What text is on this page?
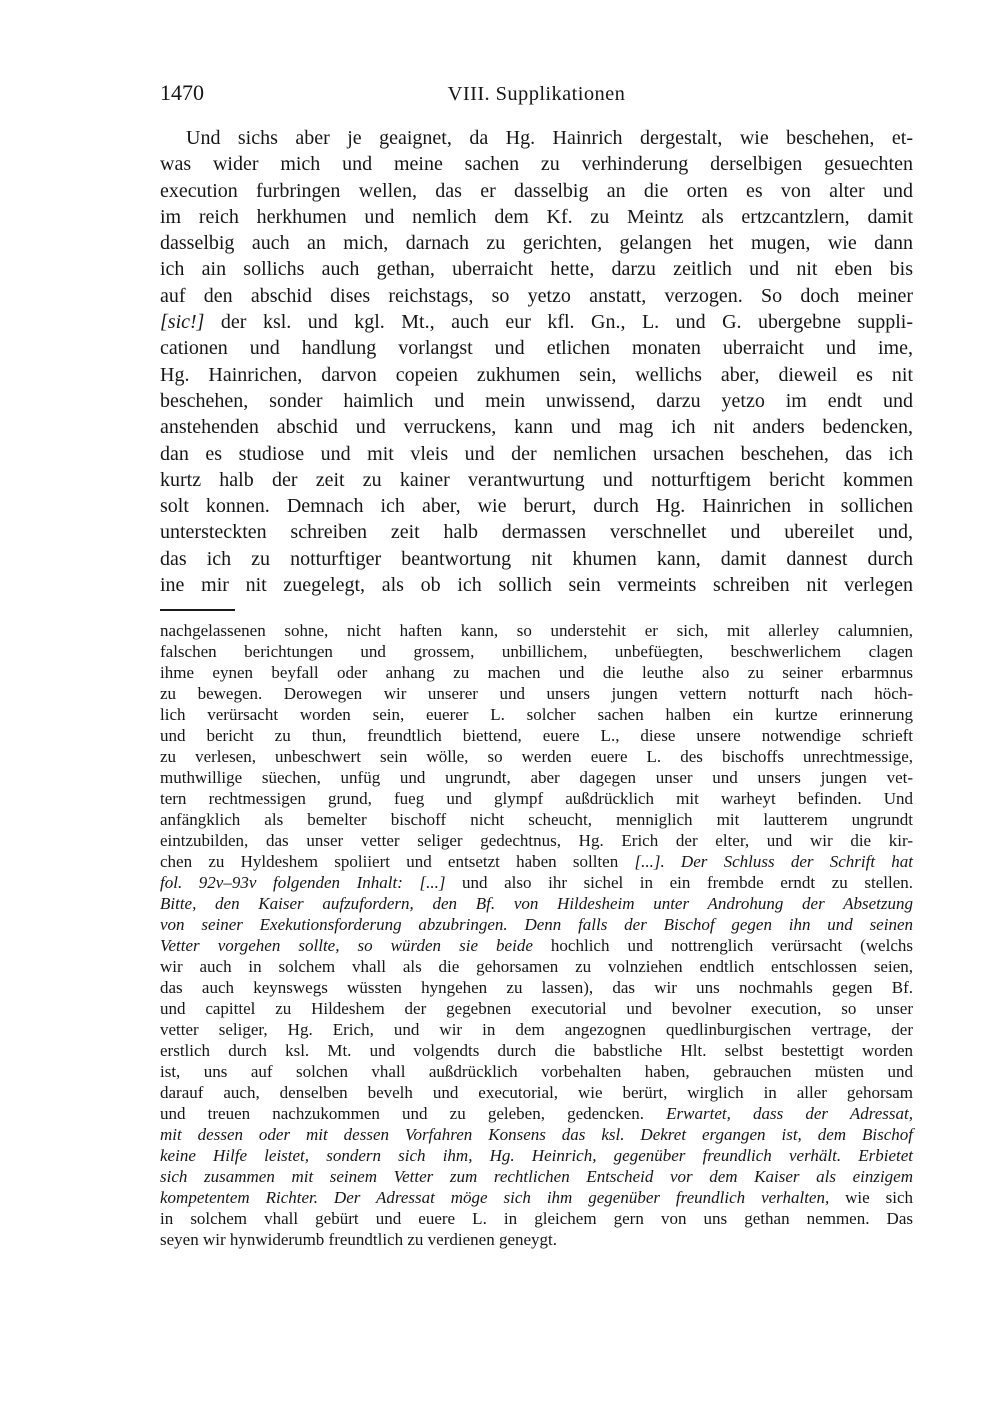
1470	VIII. Supplikationen
Und sichs aber je geaignet, da Hg. Hainrich dergestalt, wie beschehen, et-
was wider mich und meine sachen zu verhinderung derselbigen gesuechten
execution furbringen wellen, das er dasselbig an die orten es von alter und
im reich herkhumen und nemlich dem Kf. zu Meintz als ertzcantzlern, damit
dasselbig auch an mich, darnach zu gerichten, gelangen het mugen, wie dann
ich ain sollichs auch gethan, uberraicht hette, darzu zeitlich und nit eben bis
auf den abschid dises reichstags, so yetzo anstatt, verzogen. So doch meiner
[sic!] der ksl. und kgl. Mt., auch eur kfl. Gn., L. und G. ubergebne suppli-
cationen und handlung vorlangst und etlichen monaten uberraicht und ime,
Hg. Hainrichen, darvon copeien zukhumen sein, wellichs aber, dieweil es nit
beschehen, sonder haimlich und mein unwissend, darzu yetzo im endt und
anstehenden abschid und verruckens, kann und mag ich nit anders bedencken,
dan es studiose und mit vleis und der nemlichen ursachen beschehen, das ich
kurtz halb der zeit zu kainer verantwurtung und notturftigem bericht kommen
solt konnen. Demnach ich aber, wie berurt, durch Hg. Hainrichen in sollichen
untersteckten schreiben zeit halb dermassen verschnellet und ubereilet und,
das ich zu notturftiger beantwortung nit khumen kann, damit dannest durch
ine mir nit zuegelegt, als ob ich sollich sein vermeints schreiben nit verlegen
nachgelassenen sohne, nicht haften kann, so understehit er sich, mit allerley calumnien,
falschen berichtungen und grossem, unbillichem, unbefüegten, beschwerlichem clagen
ihme eynen beyfall oder anhang zu machen und die leuthe also zu seiner erbarmnus
zu bewegen. Derowegen wir unserer und unsers jungen vettern notturft nach höch-
lich verürsacht worden sein, euerer L. solcher sachen halben ein kurtze erinnerung
und bericht zu thun, freundtlich biettend, euere L., diese unsere notwendige schrieft
zu verlesen, unbeschwert sein wölle, so werden euere L. des bischoffs unrechtmessige,
muthwillige süechen, unfüg und ungrundt, aber dagegen unser und unsers jungen vet-
tern rechtmessigen grund, fueg und glympf außdrücklich mit warheyt befinden. Und
anfängklich als bemelter bischoff nicht scheucht, menniglich mit lautterem ungrundt
eintzubilden, das unser vetter seliger gedechtnus, Hg. Erich der elter, und wir die kir-
chen zu Hyldeshem spoliiert und entsetzt haben sollten [...]. Der Schluss der Schrift hat
fol. 92v–93v folgenden Inhalt: [...] und also ihr sichel in ein frembde erndt zu stellen.
Bitte, den Kaiser aufzufordern, den Bf. von Hildesheim unter Androhung der Absetzung
von seiner Exekutionsforderung abzubringen. Denn falls der Bischof gegen ihn und seinen
Vetter vorgehen sollte, so würden sie beide hochlich und nottrenglich verürsacht (welchs
wir auch in solchem vhall als die gehorsamen zu volnziehen endtlich entschlossen seien,
das auch keynswegs wüssten hyngehen zu lassen), das wir uns nochmahls gegen Bf.
und capittel zu Hildeshem der gegebnen executorial und bevolner execution, so unser
vetter seliger, Hg. Erich, und wir in dem angezognen quedlinburgischen vertrage, der
erstlich durch ksl. Mt. und volgendts durch die babstliche Hlt. selbst bestettigt worden
ist, uns auf solchen vhall außdrücklich vorbehalten haben, gebrauchen müsten und
darauf auch, denselben bevelh und executorial, wie berürt, wirglich in aller gehorsam
und treuen nachzukommen und zu geleben, gedencken. Erwartet, dass der Adressat,
mit dessen oder mit dessen Vorfahren Konsens das ksl. Dekret ergangen ist, dem Bischof
keine Hilfe leistet, sondern sich ihm, Hg. Heinrich, gegenüber freundlich verhält. Erbietet
sich zusammen mit seinem Vetter zum rechtlichen Entscheid vor dem Kaiser als einzigem
kompetentem Richter. Der Adressat möge sich ihm gegenüber freundlich verhalten, wie sich
in solchem vhall gebürt und euere L. in gleichem gern von uns gethan nemmen. Das
seyen wir hynwiderumb freundtlich zu verdienen geneygt.
